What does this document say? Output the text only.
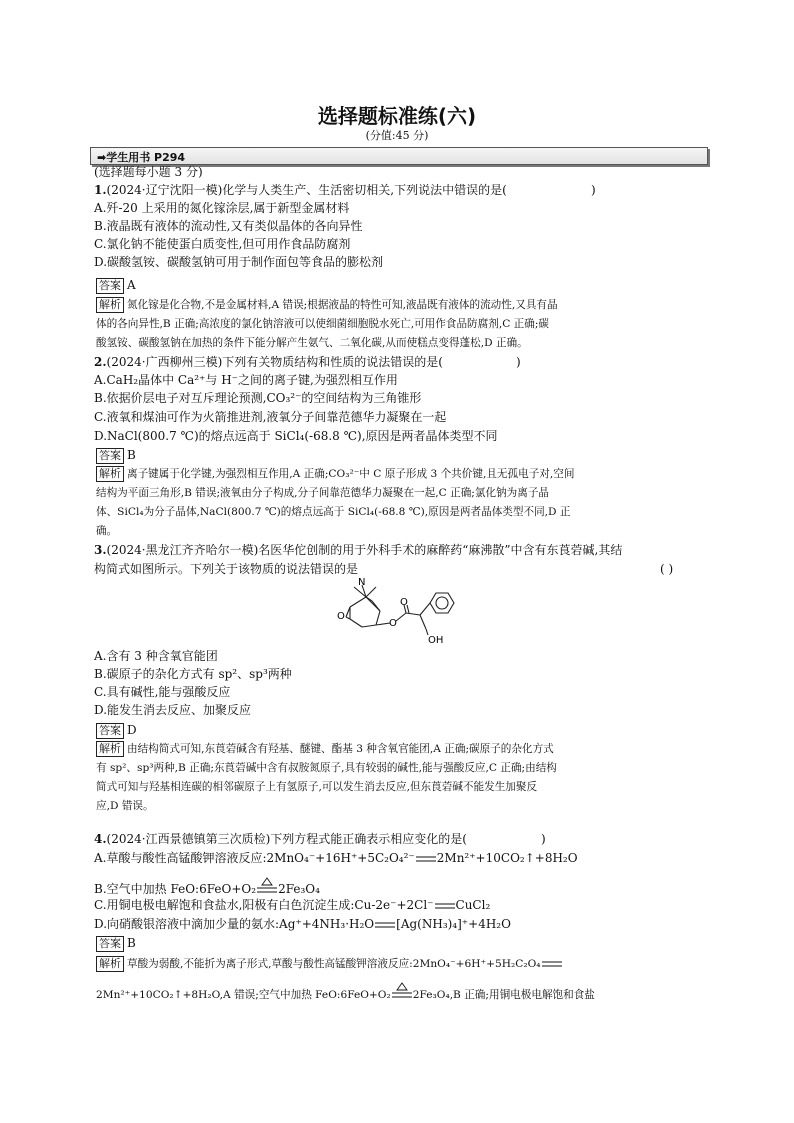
选择题标准练(六)
(分值:45 分)
➡学生用书 P294
(选择题每小题 3 分)
1.(2024·辽宁沈阳一模)化学与人类生产、生活密切相关,下列说法中错误的是(	)
A.歼-20 上采用的氮化镓涂层,属于新型金属材料
B.液晶既有液体的流动性,又有类似晶体的各向异性
C.氯化钠不能使蛋白质变性,但可用作食品防腐剂
D.碳酸氢铵、碳酸氢钠可用于制作面包等食品的膨松剂
答案 A
解析 氮化镓是化合物,不是金属材料,A 错误;根据液晶的特性可知,液晶既有液体的流动性,又具有晶
体的各向异性,B 正确;高浓度的氯化钠溶液可以使细菌细胞脱水死亡,可用作食品防腐剂,C 正确;碳
酸氢铵、碳酸氢钠在加热的条件下能分解产生氨气、二氧化碳,从而使糕点变得蓬松,D 正确。
2.(2024·广西柳州三模)下列有关物质结构和性质的说法错误的是(	)
A.CaH₂晶体中 Ca²⁺与 H⁻之间的离子键,为强烈相互作用
B.依据价层电子对互斥理论预测,CO₃²⁻的空间结构为三角锥形
C.液氧和煤油可作为火箭推进剂,液氧分子间靠范德华力凝聚在一起
D.NaCl(800.7 ℃)的熔点远高于 SiCl₄(-68.8 ℃),原因是两者晶体类型不同
答案 B
解析 离子键属于化学键,为强烈相互作用,A 正确;CO₃²⁻中 C 原子形成 3 个共价键,且无孤电子对,空间
结构为平面三角形,B 错误;液氧由分子构成,分子间靠范德华力凝聚在一起,C 正确;氯化钠为离子晶
体、SiCl₄为分子晶体,NaCl(800.7 ℃)的熔点远高于 SiCl₄(-68.8 ℃),原因是两者晶体类型不同,D 正
确。
3.(2024·黑龙江齐齐哈尔一模)名医华佗创制的用于外科手术的麻醉药“麻沸散”中含有东莨菪碱,其结
构简式如图所示。下列关于该物质的说法错误的是	( )
N
O
O
O
OH
A.含有 3 种含氧官能团
B.碳原子的杂化方式有 sp²、sp³两种
C.具有碱性,能与强酸反应
D.能发生消去反应、加聚反应
答案 D
解析 由结构简式可知,东莨菪碱含有羟基、醚键、酯基 3 种含氧官能团,A 正确;碳原子的杂化方式
有 sp²、sp³两种,B 正确;东莨菪碱中含有叔胺氮原子,具有较弱的碱性,能与强酸反应,C 正确;由结构
简式可知与羟基相连碳的相邻碳原子上有氢原子,可以发生消去反应,但东莨菪碱不能发生加聚反
应,D 错误。
4.(2024·江西景德镇第三次质检)下列方程式能正确表示相应变化的是(	)
A.草酸与酸性高锰酸钾溶液反应:2MnO₄⁻+16H⁺+5C₂O₄²⁻ 2Mn²⁺+10CO₂↑+8H₂O
B.空气中加热 FeO:6FeO+O₂ 2Fe₃O₄
C.用铜电极电解饱和食盐水,阳极有白色沉淀生成:Cu-2e⁻+2Cl⁻ CuCl₂
D.向硝酸银溶液中滴加少量的氨水:Ag⁺+4NH₃·H₂O [Ag(NH₃)₄]⁺+4H₂O
答案 B
解析 草酸为弱酸,不能折为离子形式,草酸与酸性高锰酸钾溶液反应:2MnO₄⁻+6H⁺+5H₂C₂O₄
2Mn²⁺+10CO₂↑+8H₂O,A 错误;空气中加热 FeO:6FeO+O₂ 2Fe₃O₄,B 正确;用铜电极电解饱和食盐
